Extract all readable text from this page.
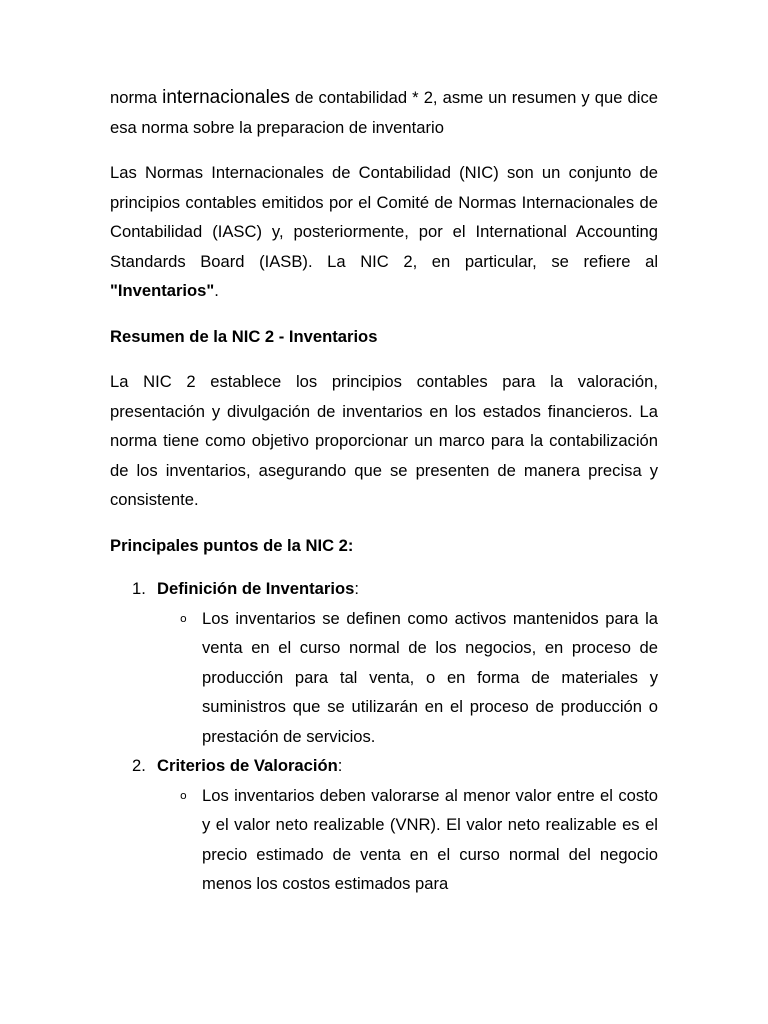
norma internacionales de contabilidad * 2, asme un resumen y que dice esa norma sobre la preparacion de inventario

Las Normas Internacionales de Contabilidad (NIC) son un conjunto de principios contables emitidos por el Comité de Normas Internacionales de Contabilidad (IASC) y, posteriormente, por el International Accounting Standards Board (IASB). La NIC 2, en particular, se refiere al "Inventarios".

Resumen de la NIC 2 - Inventarios

La NIC 2 establece los principios contables para la valoración, presentación y divulgación de inventarios en los estados financieros. La norma tiene como objetivo proporcionar un marco para la contabilización de los inventarios, asegurando que se presenten de manera precisa y consistente.

Principales puntos de la NIC 2:

1. Definición de Inventarios:
o Los inventarios se definen como activos mantenidos para la venta en el curso normal de los negocios, en proceso de producción para tal venta, o en forma de materiales y suministros que se utilizarán en el proceso de producción o prestación de servicios.
2. Criterios de Valoración:
o Los inventarios deben valorarse al menor valor entre el costo y el valor neto realizable (VNR). El valor neto realizable es el precio estimado de venta en el curso normal del negocio menos los costos estimados para
